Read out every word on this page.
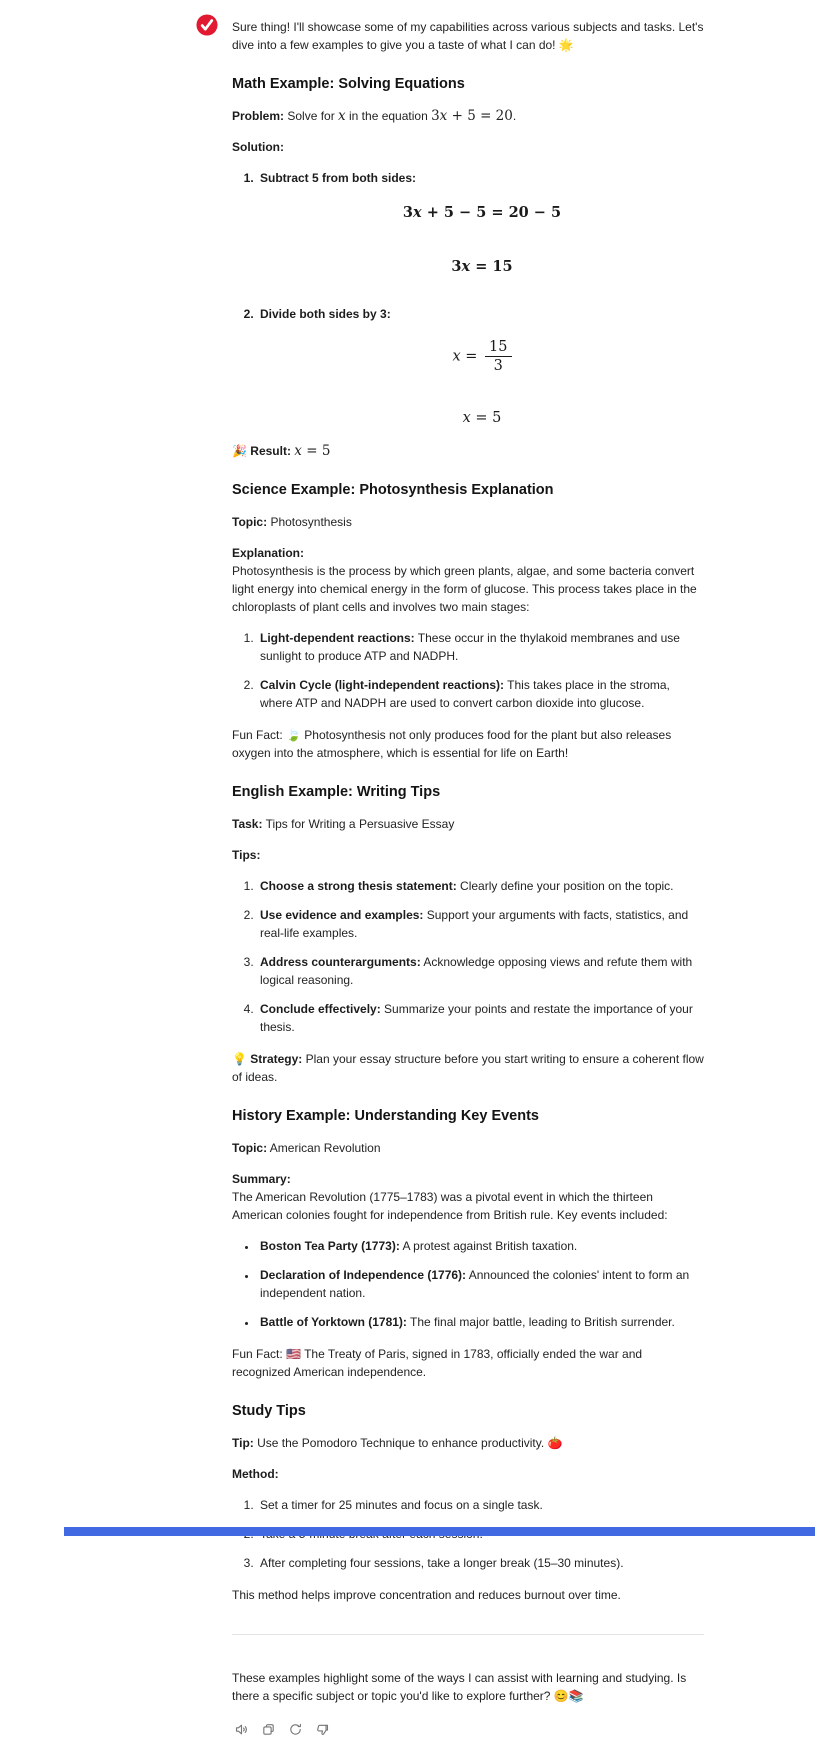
Sure thing! I'll showcase some of my capabilities across various subjects and tasks. Let's dive into a few examples to give you a taste of what I can do! 🌟

Math Example: Solving Equations

Problem: Solve for x in the equation 3x + 5 = 20.

Solution:

1. Subtract 5 from both sides:
3x + 5 − 5 = 20 − 5
3x = 15
2. Divide both sides by 3:
$x = \frac{15}{3}$
x = 5

🎉 Result: x = 5

Science Example: Photosynthesis Explanation

Topic: Photosynthesis

Explanation:
Photosynthesis is the process by which green plants, algae, and some bacteria convert light energy into chemical energy in the form of glucose. This process takes place in the chloroplasts of plant cells and involves two main stages:

1. Light-dependent reactions: These occur in the thylakoid membranes and use sunlight to produce ATP and NADPH.
2. Calvin Cycle (light-independent reactions): This takes place in the stroma, where ATP and NADPH are used to convert carbon dioxide into glucose.

Fun Fact: 🍃 Photosynthesis not only produces food for the plant but also releases oxygen into the atmosphere, which is essential for life on Earth!

English Example: Writing Tips

Task: Tips for Writing a Persuasive Essay

Tips:

1. Choose a strong thesis statement: Clearly define your position on the topic.
2. Use evidence and examples: Support your arguments with facts, statistics, and real-life examples.
3. Address counterarguments: Acknowledge opposing views and refute them with logical reasoning.
4. Conclude effectively: Summarize your points and restate the importance of your thesis.

💡 Strategy: Plan your essay structure before you start writing to ensure a coherent flow of ideas.

History Example: Understanding Key Events

Topic: American Revolution

Summary:
The American Revolution (1775–1783) was a pivotal event in which the thirteen American colonies fought for independence from British rule. Key events included:

• Boston Tea Party (1773): A protest against British taxation.
• Declaration of Independence (1776): Announced the colonies' intent to form an independent nation.
• Battle of Yorktown (1781): The final major battle, leading to British surrender.

Fun Fact: 🇺🇸 The Treaty of Paris, signed in 1783, officially ended the war and recognized American independence.

Study Tips

Tip: Use the Pomodoro Technique to enhance productivity. 🍅

Method:

1. Set a timer for 25 minutes and focus on a single task.
2.
3. After completing four sessions, take a longer break (15–30 minutes).

This method helps improve concentration and reduces burnout over time.

These examples highlight some of the ways I can assist with learning and studying. Is there a specific subject or topic you'd like to explore further? 😊📚
